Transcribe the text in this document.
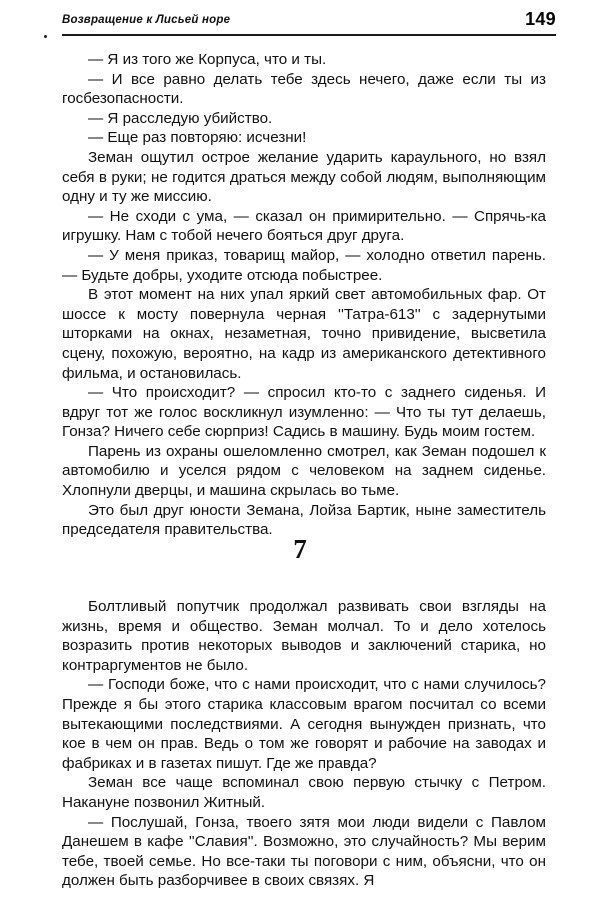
Возвращение к Лисьей норе	149

— Я из того же Корпуса, что и ты.

— И все равно делать тебе здесь нечего, даже если ты из госбезопасности.

— Я расследую убийство.

— Еще раз повторяю: исчезни!

Земан ощутил острое желание ударить караульного, но взял себя в руки; не годится драться между собой людям, выполняющим одну и ту же миссию.

— Не сходи с ума, — сказал он примирительно. — Спрячь-ка игрушку. Нам с тобой нечего бояться друг друга.

— У меня приказ, товарищ майор, — холодно ответил парень. — Будьте добры, уходите отсюда побыстрее.

В этот момент на них упал яркий свет автомобильных фар. От шоссе к мосту повернула черная ''Татра-613'' с задернутыми шторками на окнах, незаметная, точно привидение, высветила сцену, похожую, вероятно, на кадр из американского детективного фильма, и остановилась.

— Что происходит? — спросил кто-то с заднего сиденья. И вдруг тот же голос воскликнул изумленно: — Что ты тут делаешь, Гонза? Ничего себе сюрприз! Садись в машину. Будь моим гостем.

Парень из охраны ошеломленно смотрел, как Земан подошел к автомобилю и уселся рядом с человеком на заднем сиденье. Хлопнули дверцы, и машина скрылась во тьме.

Это был друг юности Земана, Лойза Бартик, ныне заместитель председателя правительства.

7

Болтливый попутчик продолжал развивать свои взгляды на жизнь, время и общество. Земан молчал. То и дело хотелось возразить против некоторых выводов и заключений старика, но контраргументов не было.

— Господи боже, что с нами происходит, что с нами случилось? Прежде я бы этого старика классовым врагом посчитал со всеми вытекающими последствиями. А сегодня вынужден признать, что кое в чем он прав. Ведь о том же говорят и рабочие на заводах и фабриках и в газетах пишут. Где же правда?

Земан все чаще вспоминал свою первую стычку с Петром. Накануне позвонил Житный.

— Послушай, Гонза, твоего зятя мои люди видели с Павлом Данешем в кафе ''Славия''. Возможно, это случайность? Мы верим тебе, твоей семье. Но все-таки ты поговори с ним, объясни, что он должен быть разборчивее в своих связях. Я
